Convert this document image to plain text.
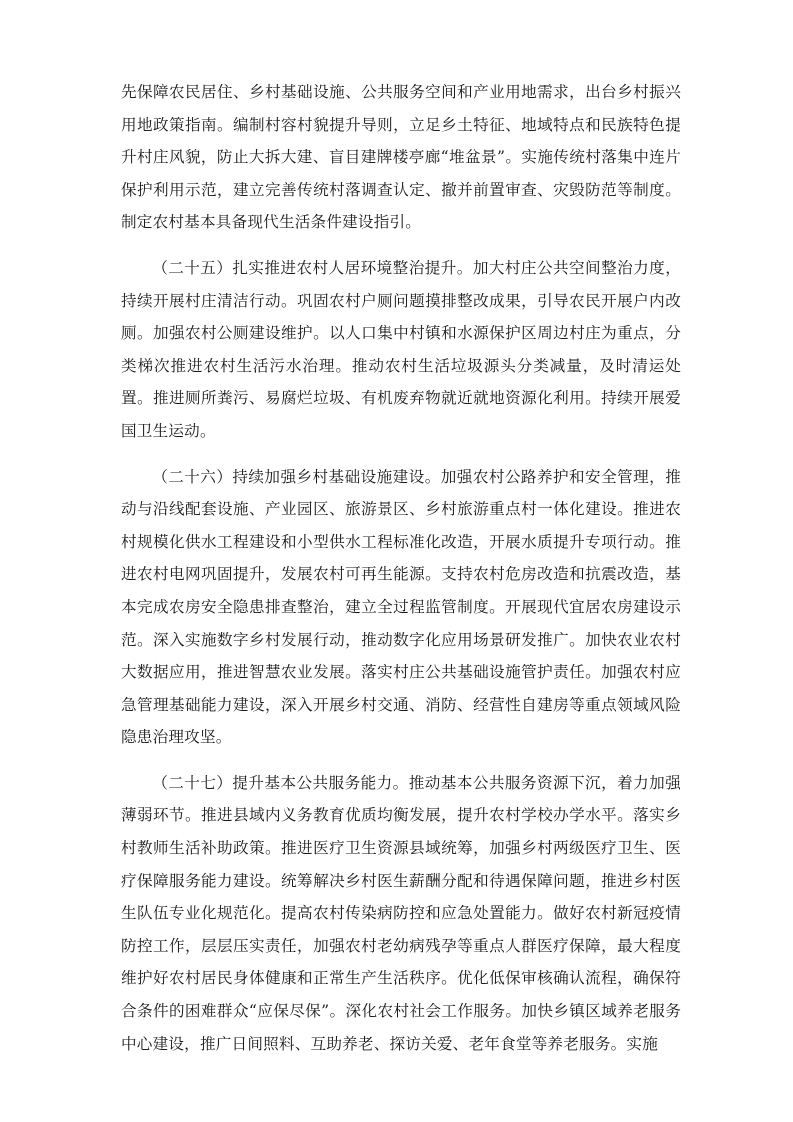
先保障农民居住、乡村基础设施、公共服务空间和产业用地需求，出台乡村振兴用地政策指南。编制村容村貌提升导则，立足乡土特征、地域特点和民族特色提升村庄风貌，防止大拆大建、盲目建牌楼亭廊“堆盆景”。实施传统村落集中连片保护利用示范，建立完善传统村落调查认定、撤并前置审查、灾毁防范等制度。制定农村基本具备现代生活条件建设指引。

（二十五）扎实推进农村人居环境整治提升。加大村庄公共空间整治力度，持续开展村庄清洁行动。巩固农村户厕问题摸排整改成果，引导农民开展户内改厕。加强农村公厕建设维护。以人口集中村镇和水源保护区周边村庄为重点，分类梯次推进农村生活污水治理。推动农村生活垃圾源头分类减量，及时清运处置。推进厕所粪污、易腐烂垃圾、有机废弃物就近就地资源化利用。持续开展爱国卫生运动。

（二十六）持续加强乡村基础设施建设。加强农村公路养护和安全管理，推动与沿线配套设施、产业园区、旅游景区、乡村旅游重点村一体化建设。推进农村规模化供水工程建设和小型供水工程标准化改造，开展水质提升专项行动。推进农村电网巩固提升，发展农村可再生能源。支持农村危房改造和抗震改造，基本完成农房安全隐患排查整治，建立全过程监管制度。开展现代宜居农房建设示范。深入实施数字乡村发展行动，推动数字化应用场景研发推广。加快农业农村大数据应用，推进智慧农业发展。落实村庄公共基础设施管护责任。加强农村应急管理基础能力建设，深入开展乡村交通、消防、经营性自建房等重点领域风险隐患治理攻坚。

（二十七）提升基本公共服务能力。推动基本公共服务资源下沉，着力加强薄弱环节。推进县域内义务教育优质均衡发展，提升农村学校办学水平。落实乡村教师生活补助政策。推进医疗卫生资源县域统筹，加强乡村两级医疗卫生、医疗保障服务能力建设。统筹解决乡村医生薪酬分配和待遇保障问题，推进乡村医生队伍专业化规范化。提高农村传染病防控和应急处置能力。做好农村新冠疫情防控工作，层层压实责任，加强农村老幼病残孕等重点人群医疗保障，最大程度维护好农村居民身体健康和正常生产生活秩序。优化低保审核确认流程，确保符合条件的困难群众“应保尽保”。深化农村社会工作服务。加快乡镇区域养老服务中心建设，推广日间照料、互助养老、探访关爱、老年食堂等养老服务。实施
